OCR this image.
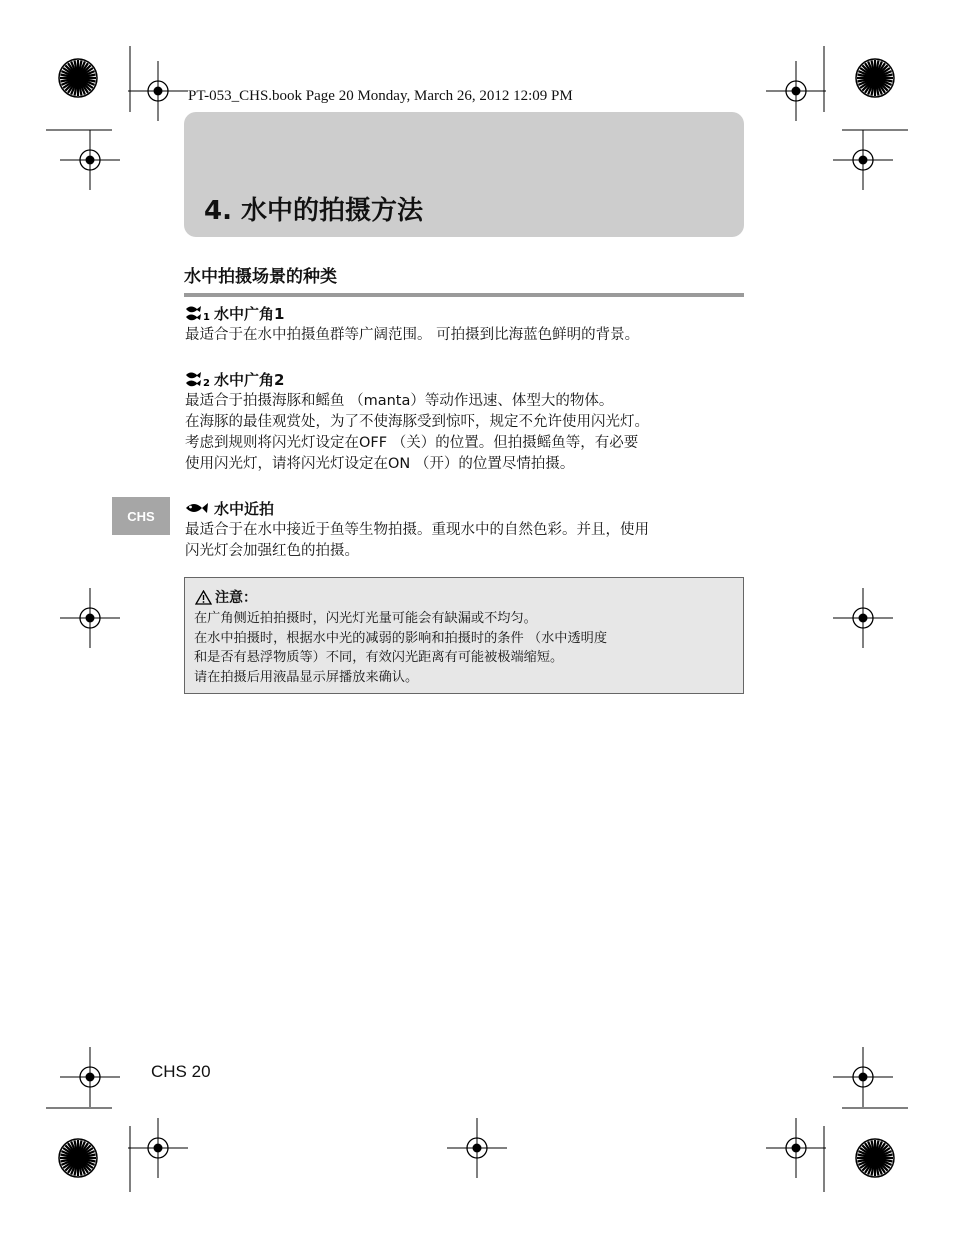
PT-053_CHS.book Page 20 Monday, March 26, 2012 12:09 PM
4. 水中的拍摄方法
水中拍摄场景的种类
1 水中广角1

最适合于在水中拍摄鱼群等广阔范围。 可拍摄到比海蓝色鲜明的背景。

2 水中广角2

最适合于拍摄海豚和鳐鱼 （manta）等动作迅速、体型大的物体。

在海豚的最佳观赏处，为了不使海豚受到惊吓，规定不允许使用闪光灯。

考虑到规则将闪光灯设定在OFF （关）的位置。但拍摄鳐鱼等，有必要

使用闪光灯，请将闪光灯设定在ON （开）的位置尽情拍摄。

CHS	水中近拍

最适合于在水中接近于鱼等生物拍摄。重现水中的自然色彩。并且，使用

闪光灯会加强红色的拍摄。

注意：

在广角侧近拍拍摄时，闪光灯光量可能会有缺漏或不均匀。

在水中拍摄时，根据水中光的减弱的影响和拍摄时的条件 （水中透明度

和是否有悬浮物质等）不同，有效闪光距离有可能被极端缩短。

请在拍摄后用液晶显示屏播放来确认。

CHS 20
